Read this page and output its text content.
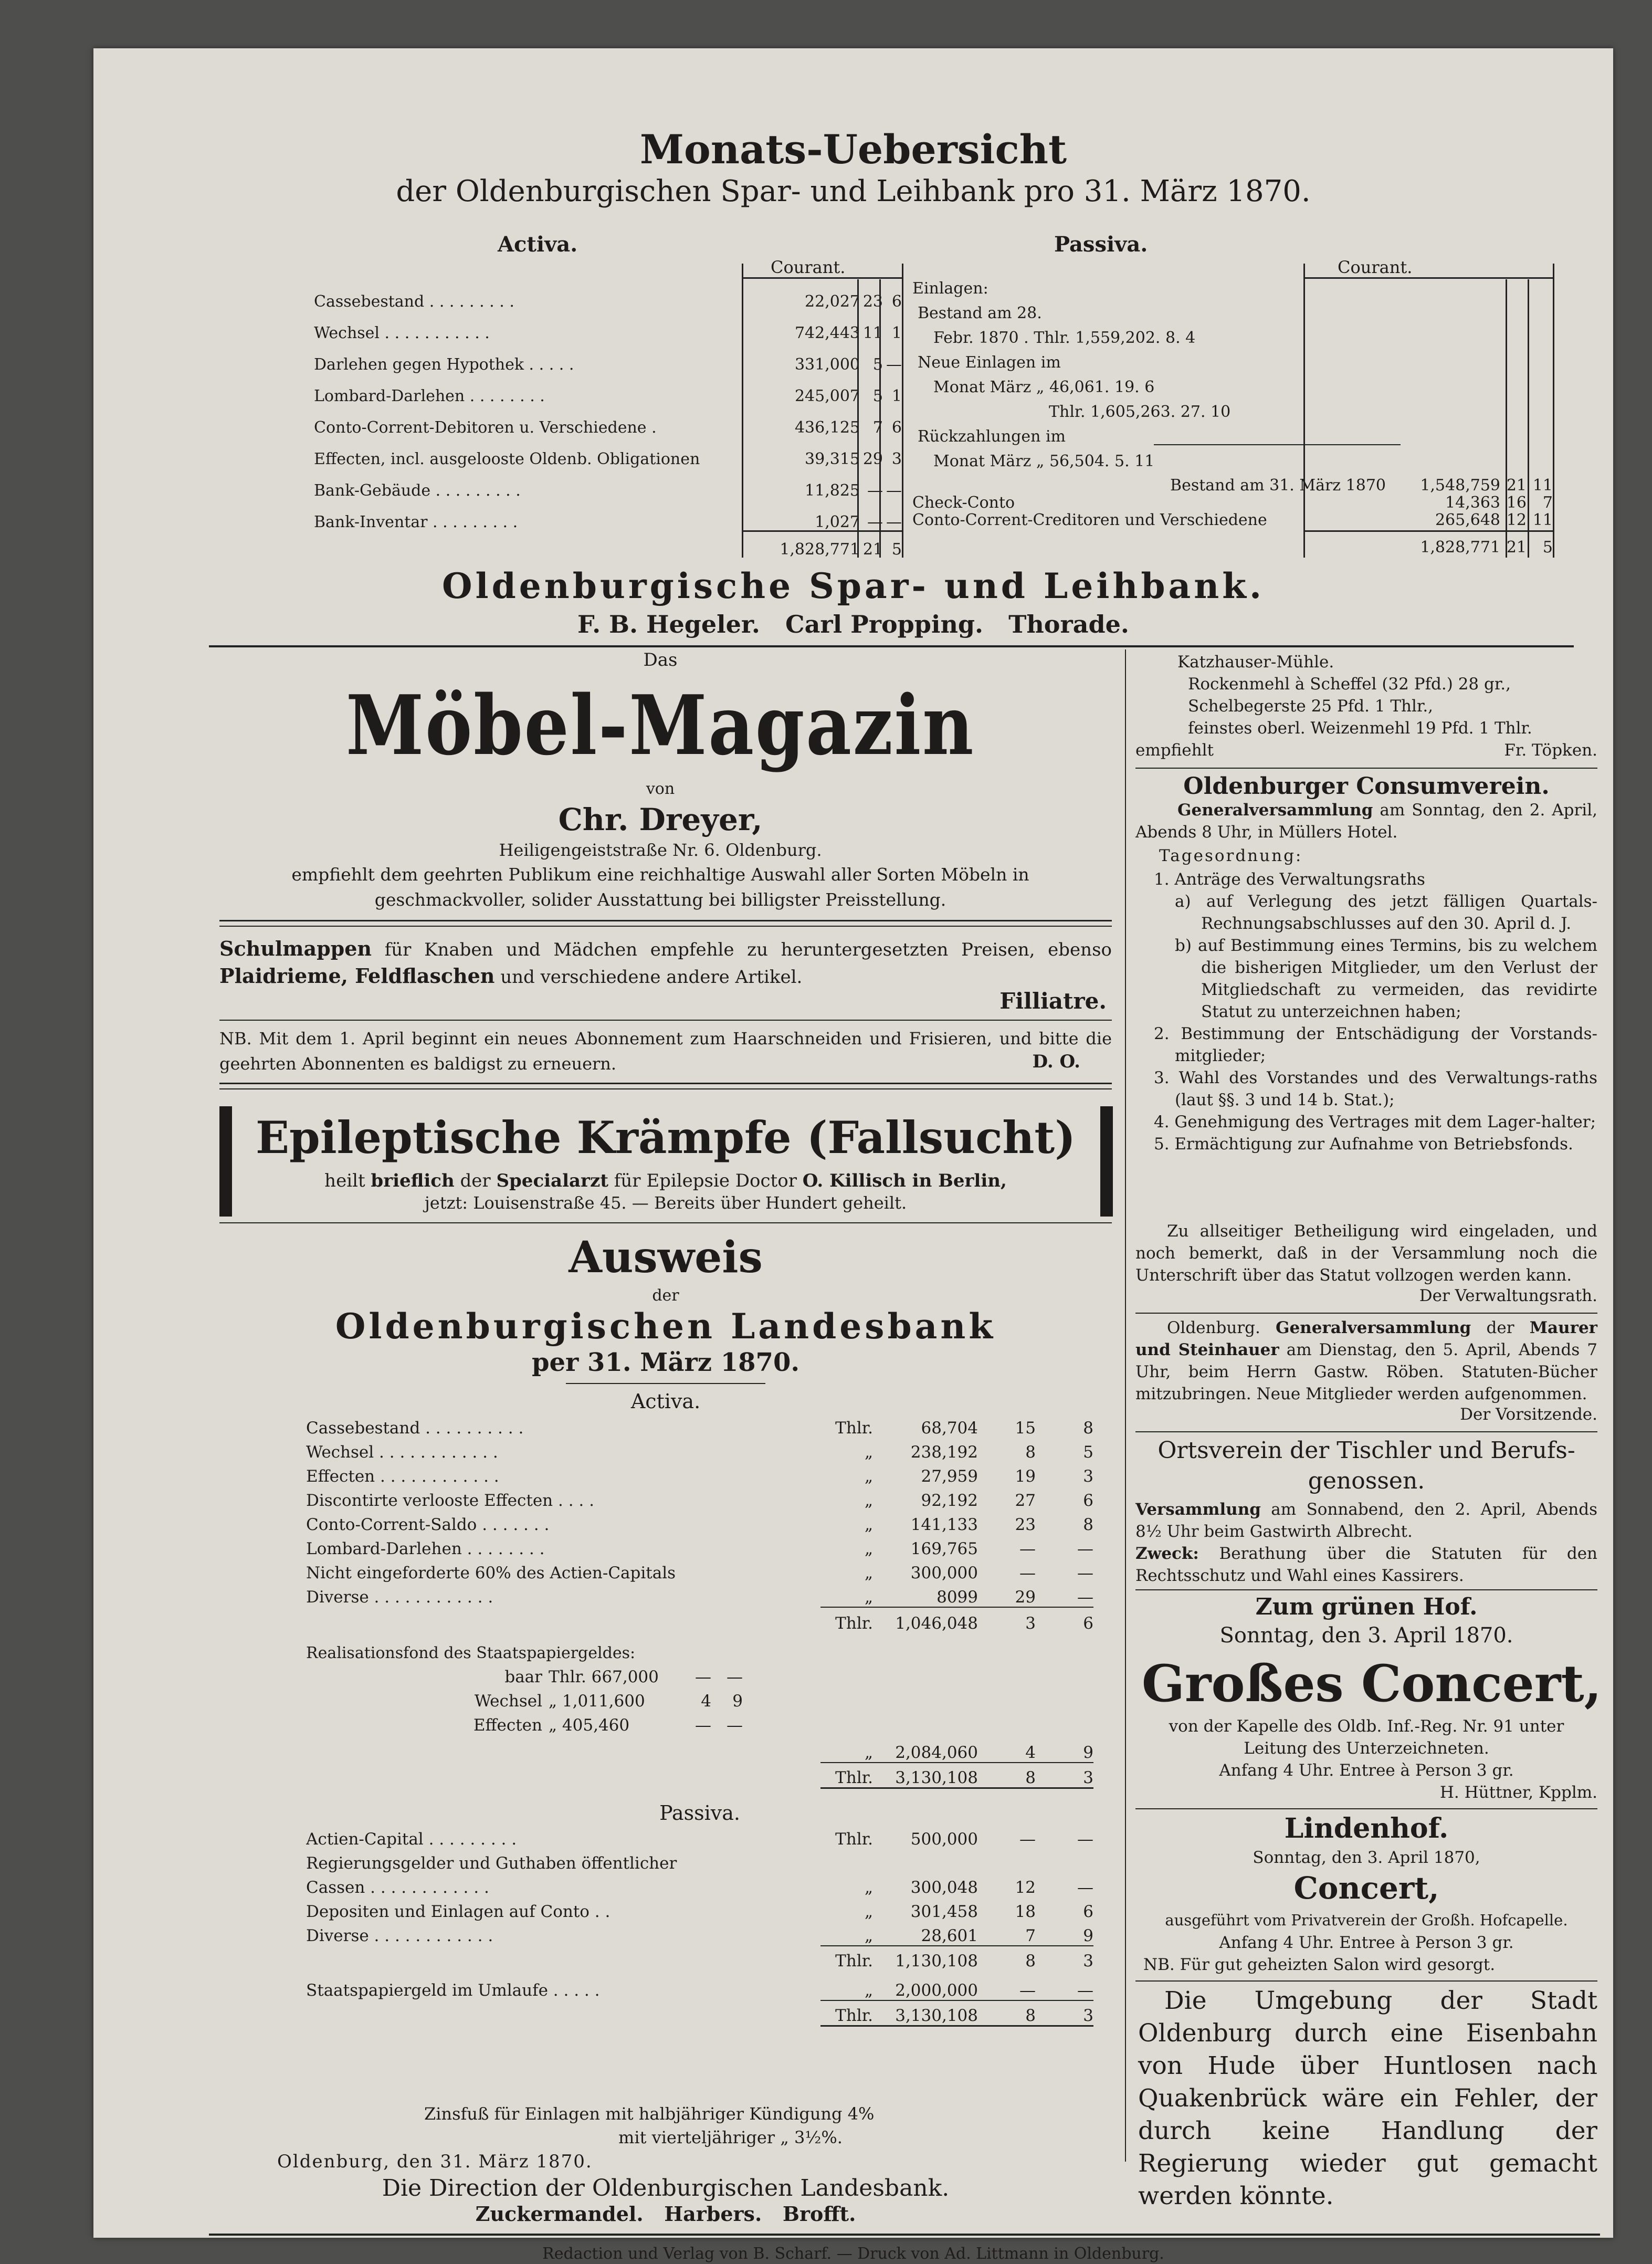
Monats-Uebersicht
der Oldenburgischen Spar- und Leihbank pro 31. März 1870.
Activa.	Passiva.
Courant.	Courant.
Cassebestand . . . . . . . . .	22,027 23 6
Wechsel . . . . . . . . . . .	742,443 11 1
Darlehen gegen Hypothek . . . . .	331,000 5 —
Lombard-Darlehen . . . . . . . .	245,007 5 1
Conto-Corrent-Debitoren u. Verschiedene .	436,125 7 6
Effecten, incl. ausgelooste Oldenb. Obligationen	39,315 29 3
Bank-Gebäude . . . . . . . . .	11,825 — —
Bank-Inventar . . . . . . . . .	1,027 — —
1,828,771 21 5
Einlagen:
Bestand am 28.
Febr. 1870 . Thlr. 1,559,202. 8. 4
Neue Einlagen im
Monat März „ 46,061. 19. 6
Thlr. 1,605,263. 27. 10
Rückzahlungen im
Monat März „ 56,504. 5. 11
Bestand am 31. März 1870	1,548,759 21 11
Check-Conto	14,363 16	7
Conto-Corrent-Creditoren und Verschiedene	265,648 12 11
1,828,771 21	5
Oldenburgische Spar- und Leihbank.
F. B. Hegeler.   Carl Propping.   Thorade.
Das
Möbel-Magazin
von
Chr. Dreyer,
Heiligengeiststraße Nr. 6. Oldenburg.
empfiehlt dem geehrten Publikum eine reichhaltige Auswahl aller Sorten Möbeln in geschmackvoller, solider Ausstattung bei billigster Preisstellung.
Schulmappen für Knaben und Mädchen empfehle zu heruntergesetzten Preisen, ebenso Plaidrieme, Feldflaschen und verschiedene andere Artikel.
Filliatre.
NB. Mit dem 1. April beginnt ein neues Abonnement zum Haarschneiden und Frisieren, und bitte die geehrten Abonnenten es baldigst zu erneuern.	D. O.
Epileptische Krämpfe (Fallsucht)
heilt brieflich der Specialarzt für Epilepsie Doctor O. Killisch in Berlin,
jetzt: Louisenstraße 45. — Bereits über Hundert geheilt.
Ausweis
der
Oldenburgischen Landesbank
per 31. März 1870.
Activa.
Cassebestand . . . . . . . . . .	Thlr.	68,704	15	8
Wechsel . . . . . . . . . . . .	„	238,192	8	5
Effecten . . . . . . . . . . . .	„	27,959	19	3
Discontirte verlooste Effecten . . . .	„	92,192	27	6
Conto-Corrent-Saldo . . . . . . .	„	141,133	23	8
Lombard-Darlehen . . . . . . . .	„	169,765	—	—
Nicht eingeforderte 60% des Actien-Capitals	„	300,000	—	—
Diverse . . . . . . . . . . . .	„	8099	29	—
Thlr.	1,046,048	3	6
Realisationsfond des Staatspapiergeldes:
baar Thlr. 667,000	— —
Wechsel „ 1,011,600	4	9
Effecten „ 405,460	— —
„	2,084,060	4	9
Thlr.	3,130,108	8	3
Passiva.
Actien-Capital . . . . . . . . .	Thlr.	500,000	—	—
Regierungsgelder und Guthaben öffentlicher
Cassen . . . . . . . . . . . .	„	300,048	12	—
Depositen und Einlagen auf Conto . .	„	301,458	18	6
Diverse . . . . . . . . . . . .	„	28,601	7	9
Thlr.	1,130,108	8	3
Staatspapiergeld im Umlaufe . . . . .	„	2,000,000	—	—
Thlr.	3,130,108	8	3
Zinsfuß für Einlagen mit halbjähriger Kündigung 4%
mit vierteljähriger „ 3½%.
Oldenburg, den 31. März 1870.
Die Direction der Oldenburgischen Landesbank.
Zuckermandel.   Harbers.   Brofft.
Katzhauser-Mühle.
Rockenmehl à Scheffel (32 Pfd.) 28 gr.,
Schelbegerste 25 Pfd. 1 Thlr.,
feinstes oberl. Weizenmehl 19 Pfd. 1 Thlr.
empfiehlt	Fr. Töpken.
Oldenburger Consumverein.
Generalversammlung am Sonntag, den 2. April, Abends 8 Uhr, in Müllers Hotel.
Tagesordnung:
1. Anträge des Verwaltungsraths
a) auf Verlegung des jetzt fälligen Quartals-Rechnungsabschlusses auf den 30. April d. J.
b) auf Bestimmung eines Termins, bis zu welchem die bisherigen Mitglieder, um den Verlust der Mitgliedschaft zu vermeiden, das revidirte Statut zu unterzeichnen haben;
2. Bestimmung der Entschädigung der Vorstands-mitglieder;
3. Wahl des Vorstandes und des Verwaltungs-raths (laut §§. 3 und 14 b. Stat.);
4. Genehmigung des Vertrages mit dem Lager-halter;
5. Ermächtigung zur Aufnahme von Betriebsfonds.
Zu allseitiger Betheiligung wird eingeladen, und noch bemerkt, daß in der Versammlung noch die Unterschrift über das Statut vollzogen werden kann.
Der Verwaltungsrath.
Oldenburg. Generalversammlung der Maurer und Steinhauer am Dienstag, den 5. April, Abends 7 Uhr, beim Herrn Gastw. Röben. Statuten-Bücher mitzubringen. Neue Mitglieder werden aufgenommen.
Der Vorsitzende.
Ortsverein der Tischler und Berufs-genossen.
Versammlung am Sonnabend, den 2. April, Abends 8½ Uhr beim Gastwirth Albrecht.
Zweck: Berathung über die Statuten für den Rechtsschutz und Wahl eines Kassirers.
Zum grünen Hof.
Sonntag, den 3. April 1870.
Großes Concert,
von der Kapelle des Oldb. Inf.-Reg. Nr. 91 unter Leitung des Unterzeichneten.
Anfang 4 Uhr. Entree à Person 3 gr.
H. Hüttner, Kpplm.
Lindenhof.
Sonntag, den 3. April 1870,
Concert,
ausgeführt vom Privatverein der Großh. Hofcapelle.
Anfang 4 Uhr. Entree à Person 3 gr.
NB. Für gut geheizten Salon wird gesorgt.
Die Umgebung der Stadt Oldenburg durch eine Eisenbahn von Hude über Huntlosen nach Quakenbrück wäre ein Fehler, der durch keine Handlung der Regierung wieder gut gemacht werden könnte.
Redaction und Verlag von B. Scharf. — Druck von Ad. Littmann in Oldenburg.
